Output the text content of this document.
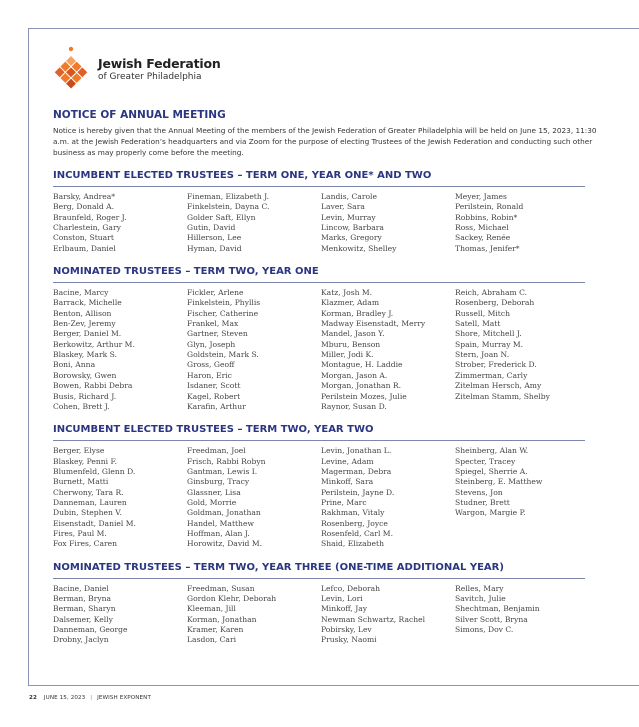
Jewish Federation
of Greater Philadelphia
NOTICE OF ANNUAL MEETING

Notice is hereby given that the Annual Meeting of the members of the Jewish Federation of Greater Philadelphia will be held on June 15, 2023, 11:30 a.m. at the Jewish Federation’s headquarters and via Zoom for the purpose of electing Trustees of the Jewish Federation and conducting such other business as may properly come before the meeting.

INCUMBENT ELECTED TRUSTEES – TERM ONE, YEAR ONE* AND TWO
Barsky, Andrea*
Berg, Donald A.
Braunfeld, Roger J.
Charlestein, Gary
Conston, Stuart
Erlbaum, Daniel
Fineman, Elizabeth J.
Finkelstein, Dayna C.
Golder Saft, Ellyn
Gutin, David
Hillerson, Lee
Hyman, David
Landis, Carole
Laver, Sara
Levin, Murray
Lincow, Barbara
Marks, Gregory
Menkowitz, Shelley
Meyer, James
Perilstein, Ronald
Robbins, Robin*
Ross, Michael
Sackey, Renée
Thomas, Jenifer*
NOMINATED TRUSTEES – TERM TWO, YEAR ONE
Bacine, Marcy
Barrack, Michelle
Benton, Allison
Ben-Zev, Jeremy
Berger, Daniel M.
Berkowitz, Arthur M.
Blaskey, Mark S.
Boni, Anna
Borowsky, Gwen
Bowen, Rabbi Debra
Busis, Richard J.
Cohen, Brett J.
Fickler, Arlene
Finkelstein, Phyllis
Fischer, Catherine
Frankel, Max
Gartner, Steven
Glyn, Joseph
Goldstein, Mark S.
Gross, Geoff
Haron, Eric
Isdaner, Scott
Kagel, Robert
Karafin, Arthur
Katz, Josh M.
Klazmer, Adam
Korman, Bradley J.
Madway Eisenstadt, Merry
Mandel, Jason Y.
Mburu, Benson
Miller, Jodi K.
Montague, H. Laddie
Morgan, Jason A.
Morgan, Jonathan R.
Perilstein Mozes, Julie
Raynor, Susan D.
Reich, Abraham C.
Rosenberg, Deborah
Russell, Mitch
Satell, Matt
Shore, Mitchell J.
Spain, Murray M.
Stern, Joan N.
Strober, Frederick D.
Zimmerman, Carly
Zitelman Hersch, Amy
Zitelman Stamm, Shelby
INCUMBENT ELECTED TRUSTEES – TERM TWO, YEAR TWO
Berger, Elyse
Blaskey, Penni F.
Blumenfeld, Glenn D.
Burnett, Matti
Cherwony, Tara R.
Danneman, Lauren
Dubin, Stephen V.
Eisenstadt, Daniel M.
Fires, Paul M.
Fox Fires, Caren
Freedman, Joel
Frisch, Rabbi Robyn
Gantman, Lewis I.
Ginsburg, Tracy
Glassner, Lisa
Gold, Morrie
Goldman, Jonathan
Handel, Matthew
Hoffman, Alan J.
Horowitz, David M.
Levin, Jonathan L.
Levine, Adam
Magerman, Debra
Minkoff, Sara
Perilstein, Jayne D.
Prine, Marc
Rakhman, Vitaly
Rosenberg, Joyce
Rosenfeld, Carl M.
Shaid, Elizabeth
Sheinberg, Alan W.
Specter, Tracey
Spiegel, Sherrie A.
Steinberg, E. Matthew
Stevens, Jon
Studner, Brett
Wargon, Margie P.
NOMINATED TRUSTEES – TERM TWO, YEAR THREE (ONE-TIME ADDITIONAL YEAR)
Bacine, Daniel
Berman, Bryna
Berman, Sharyn
Dalsemer, Kelly
Danneman, George
Drobny, Jaclyn
Freedman, Susan
Gordon Klehr, Deborah
Kleeman, Jill
Korman, Jonathan
Kramer, Karen
Lasdon, Cari
Lefco, Deborah
Levin, Lori
Minkoff, Jay
Newman Schwartz, Rachel
Pobirsky, Lev
Prusky, Naomi
Relles, Mary
Savitch, Julie
Shechtman, Benjamin
Silver Scott, Bryna
Simons, Dov C.
22 JUNE 15, 2023 | JEWISH EXPONENT
